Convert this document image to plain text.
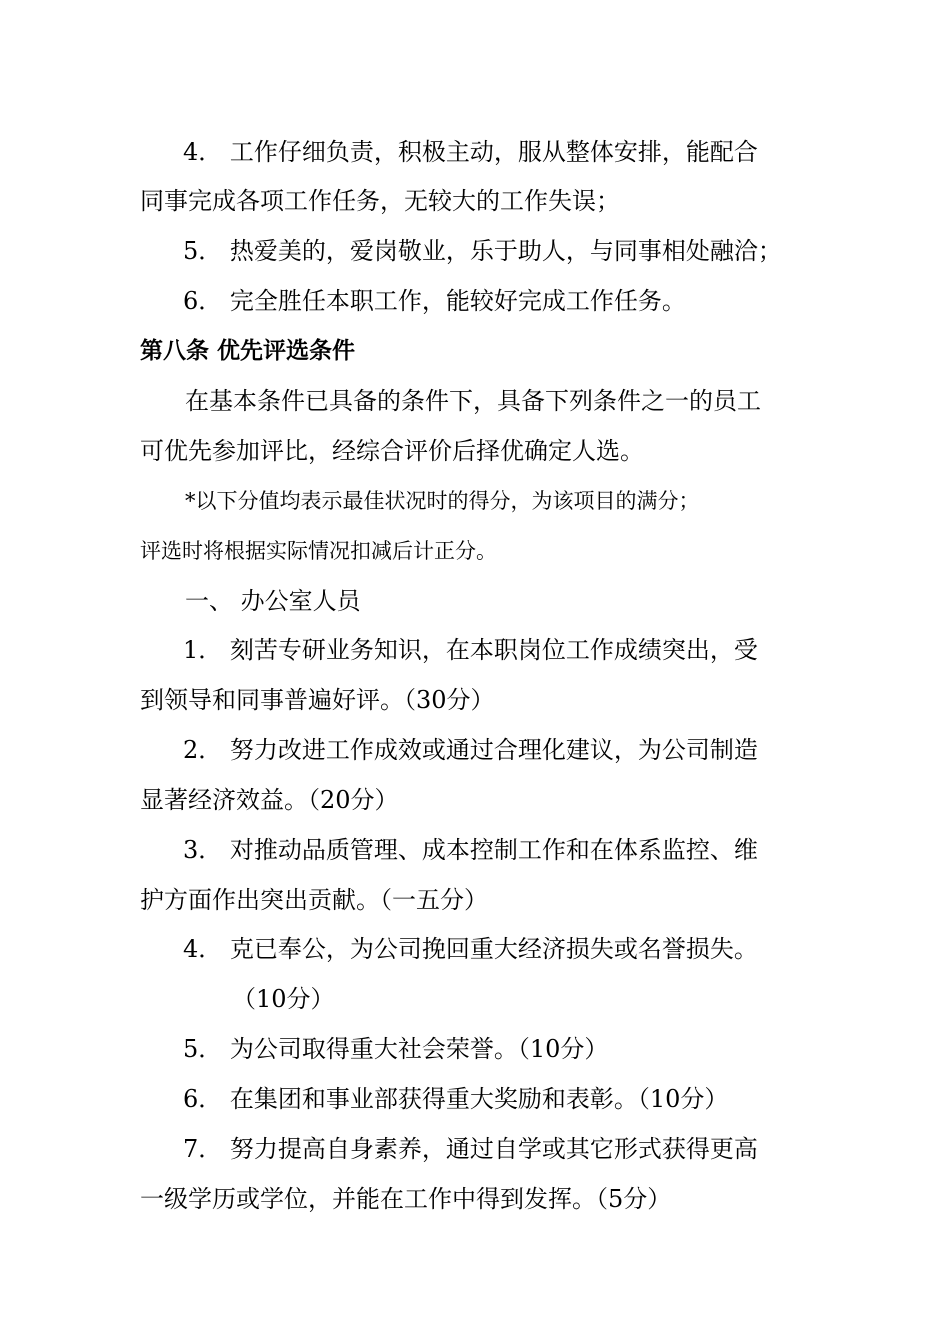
4． 工作仔细负责，积极主动，服从整体安排，能配合
同事完成各项工作任务，无较大的工作失误；
5． 热爱美的，爱岗敬业，乐于助人，与同事相处融洽；
6． 完全胜任本职工作，能较好完成工作任务。
第八条 优先评选条件
在基本条件已具备的条件下，具备下列条件之一的员工
可优先参加评比，经综合评价后择优确定人选。
*以下分值均表示最佳状况时的得分，为该项目的满分；
评选时将根据实际情况扣减后计正分。
一、 办公室人员
1． 刻苦专研业务知识，在本职岗位工作成绩突出，受
到领导和同事普遍好评。（30分）
2． 努力改进工作成效或通过合理化建议，为公司制造
显著经济效益。（20分）
3． 对推动品质管理、成本控制工作和在体系监控、维
护方面作出突出贡献。（一五分）
4． 克已奉公，为公司挽回重大经济损失或名誉损失。
（10分）
5． 为公司取得重大社会荣誉。（10分）
6． 在集团和事业部获得重大奖励和表彰。（10分）
7． 努力提高自身素养，通过自学或其它形式获得更高
一级学历或学位，并能在工作中得到发挥。（5分）
